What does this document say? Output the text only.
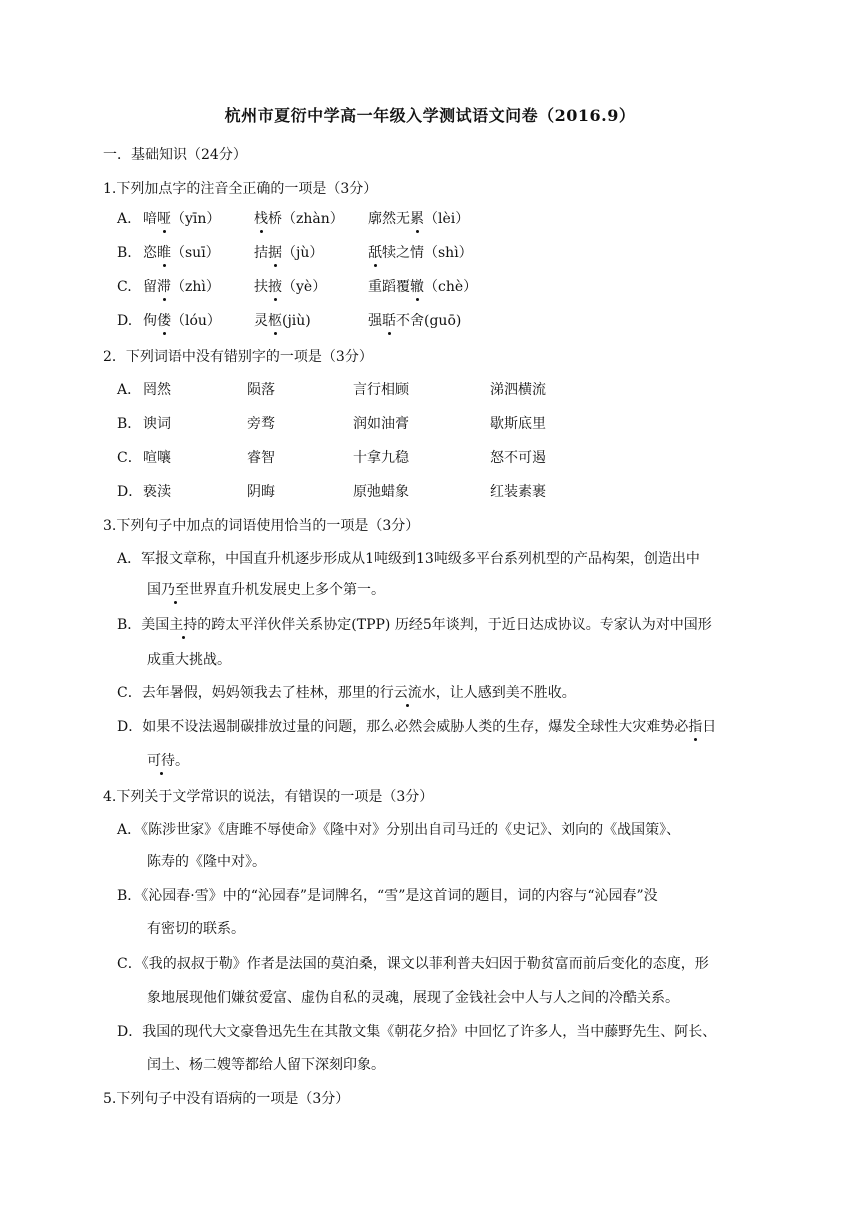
杭州市夏衍中学高一年级入学测试语文问卷（2016.9）
一．基础知识（24分）
1.下列加点字的注音全正确的一项是（3分）
A. 喑哑（yīn） 栈桥（zhàn） 廓然无累（lèi）
B. 恣睢（suī） 拮据（jù）	舐犊之情（shì）
C. 留滞（zhì） 扶掖（yè）	重蹈覆辙（chè）
D. 佝偻（lóu） 灵柩(jiù)	强聒不舍(guō)
2．下列词语中没有错别字的一项是（3分）
A． 罔然	陨落	言行相顾	涕泗横流
B． 谀词	旁骛	润如油膏	歇斯底里
C． 喧嚷	睿智	十拿九稳	怒不可遏
D． 亵渎	阴晦	原弛蜡象	红装素裹
3.下列句子中加点的词语使用恰当的一项是（3分）
A．军报文章称，中国直升机逐步形成从1吨级到13吨级多平台系列机型的产品构架，创造出中
国乃至世界直升机发展史上多个第一。
B．美国主持的跨太平洋伙伴关系协定(TPP) 历经5年谈判，于近日达成协议。专家认为对中国形
成重大挑战。
C．去年暑假，妈妈领我去了桂林，那里的行云流水，让人感到美不胜收。
D．如果不设法遏制碳排放过量的问题，那么必然会威胁人类的生存，爆发全球性大灾难势必指日
可待。
4.下列关于文学常识的说法，有错误的一项是（3分）
A．《陈涉世家》《唐雎不辱使命》《隆中对》分别出自司马迁的《史记》、刘向的《战国策》、
陈寿的《隆中对》。
B．《沁园春·雪》中的“沁园春”是词牌名，“雪”是这首词的题目，词的内容与“沁园春”没
有密切的联系。
C．《我的叔叔于勒》作者是法国的莫泊桑，课文以菲利普夫妇因于勒贫富而前后变化的态度，形
象地展现他们嫌贫爱富、虚伪自私的灵魂，展现了金钱社会中人与人之间的冷酷关系。
D．我国的现代大文豪鲁迅先生在其散文集《朝花夕拾》中回忆了许多人，当中藤野先生、阿长、
闰土、杨二嫂等都给人留下深刻印象。
5.下列句子中没有语病的一项是（3分）
